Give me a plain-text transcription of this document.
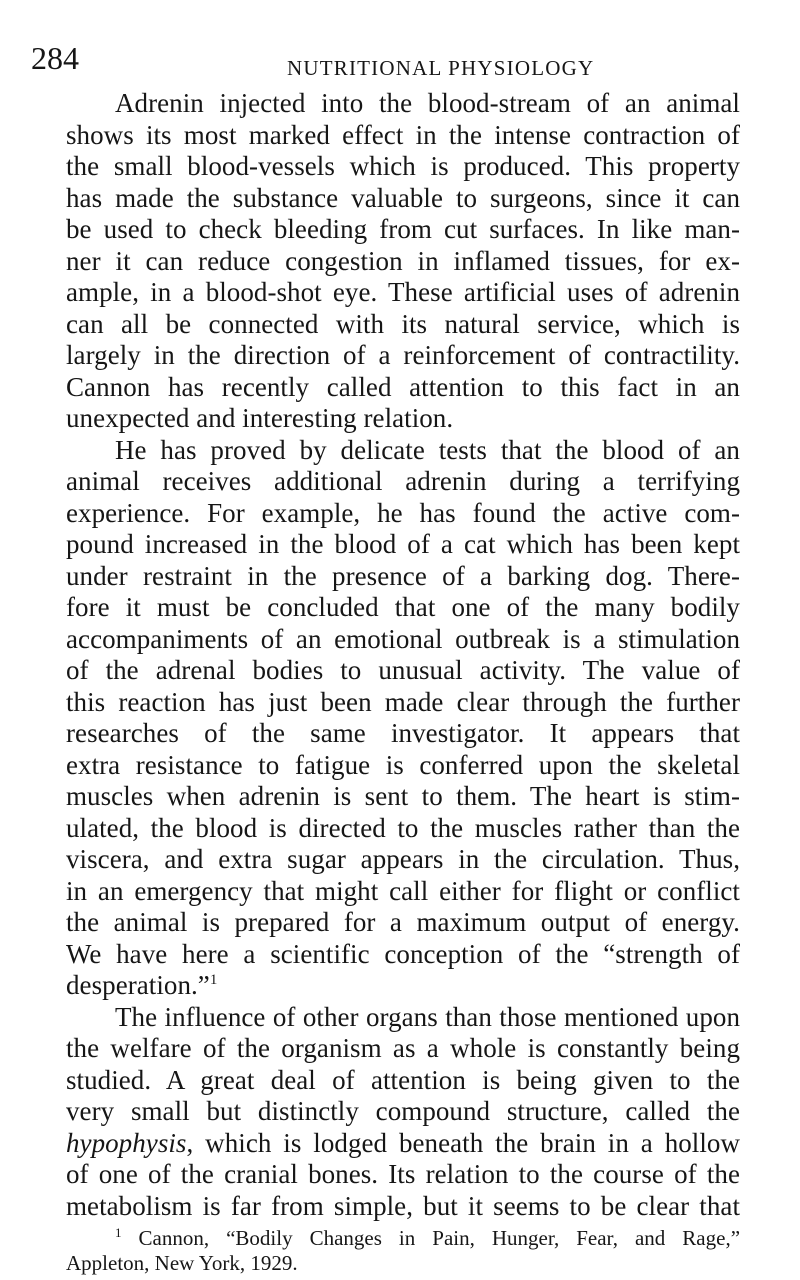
284	NUTRITIONAL PHYSIOLOGY
Adrenin injected into the blood-stream of an animal
shows its most marked effect in the intense contraction of
the small blood-vessels which is produced. This property
has made the substance valuable to surgeons, since it can
be used to check bleeding from cut surfaces. In like man-
ner it can reduce congestion in inflamed tissues, for ex-
ample, in a blood-shot eye. These artificial uses of adrenin
can all be connected with its natural service, which is
largely in the direction of a reinforcement of contractility.
Cannon has recently called attention to this fact in an
unexpected and interesting relation.
He has proved by delicate tests that the blood of an
animal receives additional adrenin during a terrifying
experience. For example, he has found the active com-
pound increased in the blood of a cat which has been kept
under restraint in the presence of a barking dog. There-
fore it must be concluded that one of the many bodily
accompaniments of an emotional outbreak is a stimulation
of the adrenal bodies to unusual activity. The value of
this reaction has just been made clear through the further
researches of the same investigator. It appears that
extra resistance to fatigue is conferred upon the skeletal
muscles when adrenin is sent to them. The heart is stim-
ulated, the blood is directed to the muscles rather than the
viscera, and extra sugar appears in the circulation. Thus,
in an emergency that might call either for flight or conflict
the animal is prepared for a maximum output of energy.
We have here a scientific conception of the “strength of
desperation.”$^1$
The influence of other organs than those mentioned upon
the welfare of the organism as a whole is constantly being
studied. A great deal of attention is being given to the
very small but distinctly compound structure, called the
hypophysis, which is lodged beneath the brain in a hollow
of one of the cranial bones. Its relation to the course of the
metabolism is far from simple, but it seems to be clear that
$^1$ Cannon, “Bodily Changes in Pain, Hunger, Fear, and Rage,”
Appleton, New York, 1929.
